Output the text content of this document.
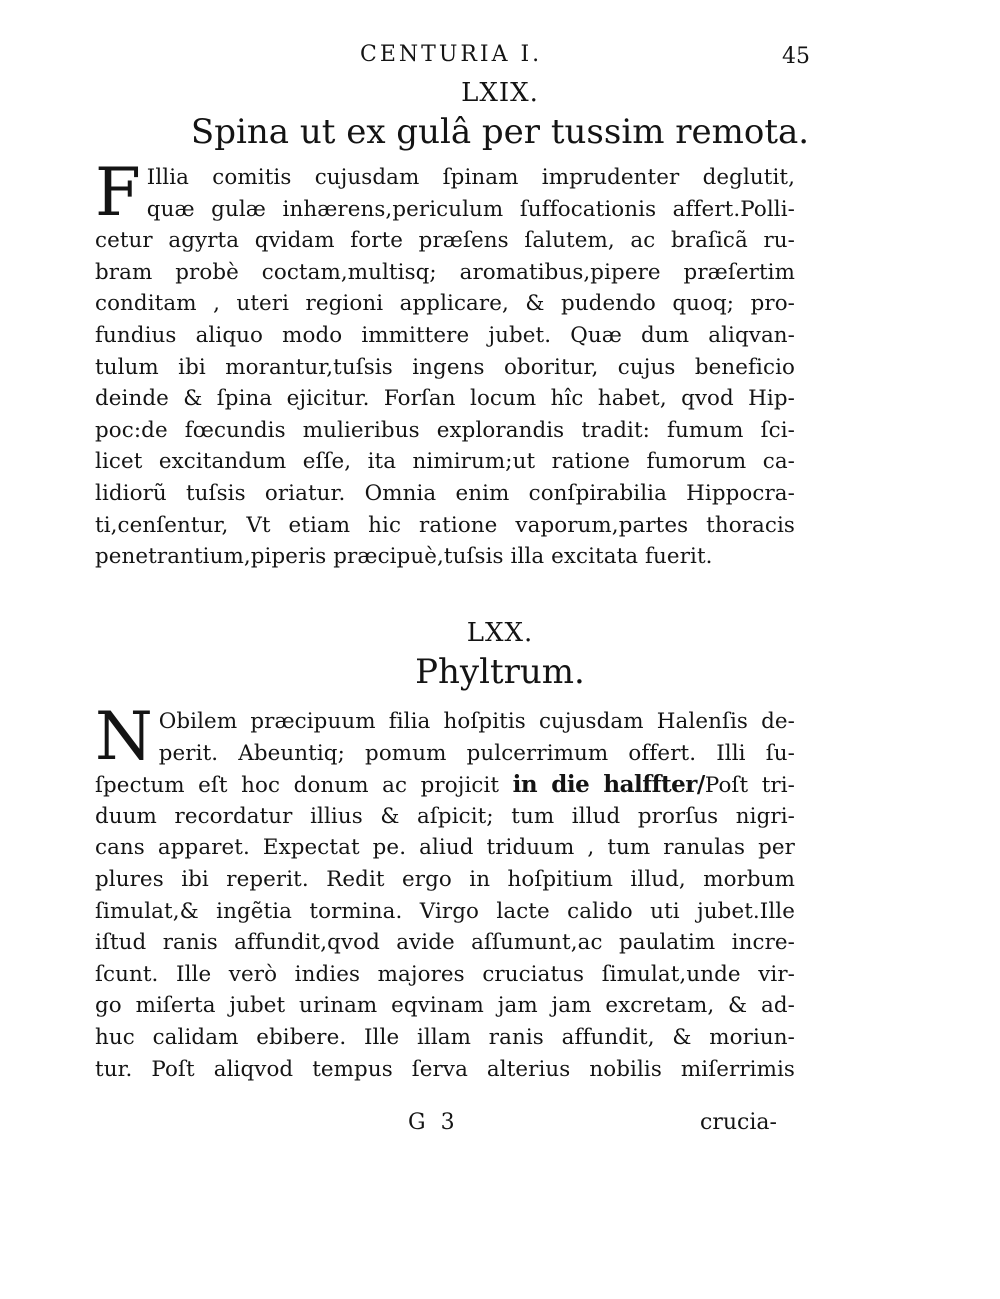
CENTURIA I.	45
LXIX.
Spina ut ex gulâ per tussim remota.
F Illia comitis cujusdam ſpinam imprudenter deglutit,
quæ gulæ inhærens,periculum ſuffocationis affert.Polli-
cetur agyrta qvidam forte præſens ſalutem, ac braſicã ru-
bram probè coctam,multisq; aromatibus,pipere præſertim
conditam , uteri regioni applicare, & pudendo quoq; pro-
fundius aliquo modo immittere jubet. Quæ dum aliqvan-
tulum ibi morantur,tuſsis ingens oboritur, cujus beneficio
deinde & ſpina ejicitur. Forſan locum hîc habet, qvod Hip-
poc:de fœcundis mulieribus explorandis tradit: fumum ſci-
licet excitandum eſſe, ita nimirum;ut ratione fumorum ca-
lidiorũ tuſsis oriatur. Omnia enim conſpirabilia Hippocra-
ti,cenſentur, Vt etiam hic ratione vaporum,partes thoracis
penetrantium,piperis præcipuè,tuſsis illa excitata fuerit.
LXX.
Phyltrum.
N Obilem præcipuum filia hoſpitis cujusdam Halenſis de-
perit. Abeuntiq; pomum pulcerrimum offert. Illi ſu-
ſpectum eſt hoc donum ac projicit in die halffter/Poſt tri-
duum recordatur illius & aſpicit; tum illud prorſus nigri-
cans apparet. Expectat pe. aliud triduum , tum ranulas per
plures ibi reperit. Redit ergo in hoſpitium illud, morbum
ſimulat,& ingẽtia tormina. Virgo lacte calido uti jubet.Ille
iſtud ranis affundit,qvod avide aſſumunt,ac paulatim incre-
ſcunt. Ille verò indies majores cruciatus ſimulat,unde vir-
go miſerta jubet urinam eqvinam jam jam excretam, & ad-
huc calidam ebibere. Ille illam ranis affundit, & moriun-
tur. Poſt aliqvod tempus ſerva alterius nobilis miſerrimis
G 3	crucia-
